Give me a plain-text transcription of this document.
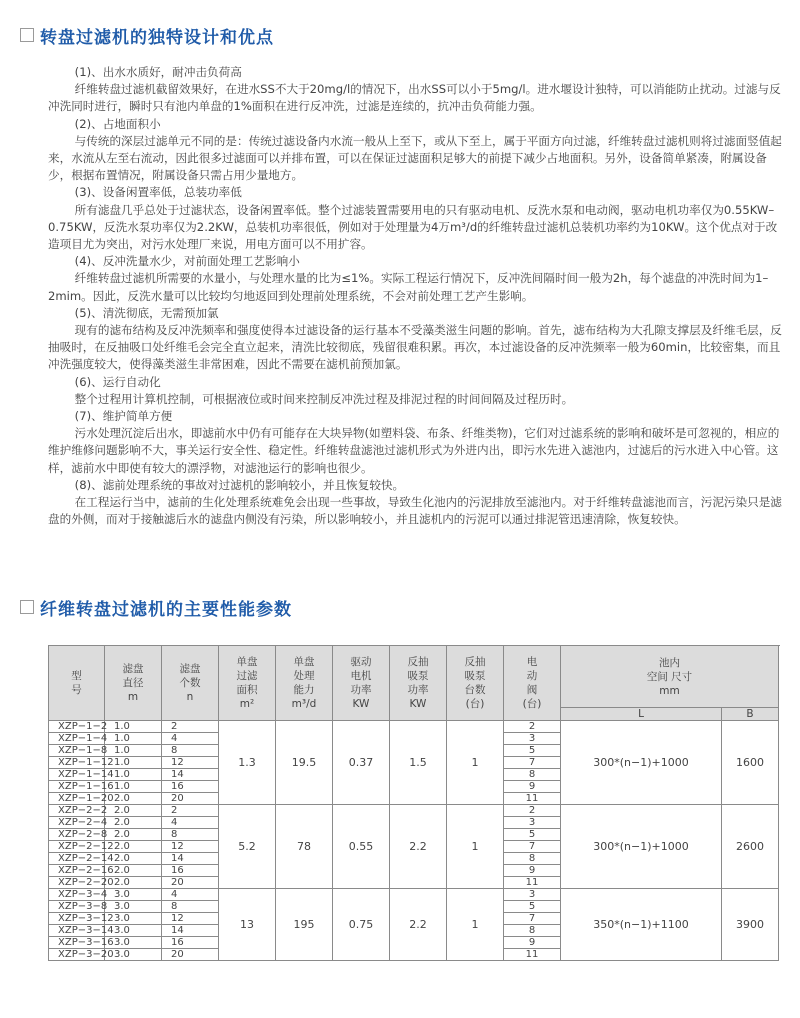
转盘过滤机的独特设计和优点

(1)、出水水质好，耐冲击负荷高

纤维转盘过滤机截留效果好，在进水SS不大于20mg/l的情况下，出水SS可以小于5mg/l。进水堰设计独特，可以消能防止扰动。过滤与反冲洗同时进行，瞬时只有池内单盘的1%面积在进行反冲洗，过滤是连续的，抗冲击负荷能力强。

(2)、占地面积小

与传统的深层过滤单元不同的是：传统过滤设备内水流一般从上至下，或从下至上，属于平面方向过滤，纤维转盘过滤机则将过滤面竖值起来，水流从左至右流动，因此很多过滤面可以并排布置，可以在保证过滤面积足够大的前提下减少占地面积。另外，设备简单紧凑，附属设备少，根据布置情况，附属设备只需占用少量地方。

(3)、设备闲置率低，总装功率低

所有滤盘几乎总处于过滤状态，设备闲置率低。整个过滤装置需要用电的只有驱动电机、反洗水泵和电动阀，驱动电机功率仅为0.55KW–0.75KW，反洗水泵功率仅为2.2KW，总装机功率很低，例如对于处理量为4万m³/d的纤维转盘过滤机总装机功率约为10KW。这个优点对于改造项目尤为突出，对污水处理厂来说，用电方面可以不用扩容。

(4)、反冲洗量水少，对前面处理工艺影响小

纤维转盘过滤机所需要的水量小，与处理水量的比为≤1%。实际工程运行情况下，反冲洗间隔时间一般为2h，每个滤盘的冲洗时间为1–2mim。因此，反洗水量可以比较均匀地返回到处理前处理系统，不会对前处理工艺产生影响。

(5)、清洗彻底，无需预加氯

现有的滤布结构及反冲洗频率和强度使得本过滤设备的运行基本不受藻类滋生问题的影响。首先，滤布结构为大孔隙支撑层及纤维毛层，反抽吸时，在反抽吸口处纤维毛会完全直立起来，清洗比较彻底，残留很难积累。再次，本过滤设备的反冲洗频率一般为60min，比较密集，而且冲洗强度较大，使得藻类滋生非常困难，因此不需要在滤机前预加氯。

(6)、运行自动化

整个过程用计算机控制，可根据液位或时间来控制反冲洗过程及排泥过程的时间间隔及过程历时。

(7)、维护简单方便

污水处理沉淀后出水，即滤前水中仍有可能存在大块异物(如塑料袋、布条、纤维类物)，它们对过滤系统的影响和破坏是可忽视的，相应的维护维修问题影响不大，事关运行安全性、稳定性。纤维转盘滤池过滤机形式为外进内出，即污水先进入滤池内，过滤后的污水进入中心管。这样，滤前水中即使有较大的漂浮物，对滤池运行的影响也很少。

(8)、滤前处理系统的事故对过滤机的影响较小，并且恢复较快。

在工程运行当中，滤前的生化处理系统难免会出现一些事故，导致生化池内的污泥排放至滤池内。对于纤维转盘滤池而言，污泥污染只是滤盘的外侧，而对于接触滤后水的滤盘内侧没有污染，所以影响较小，并且滤机内的污泥可以通过排泥管迅速清除，恢复较快。

纤维转盘过滤机的主要性能参数
型
号	滤盘
直径
m	滤盘
个数
n	单盘
过滤
面积
m²	单盘
处理
能力
m³/d	驱动
电机
功率
KW	反抽
吸泵
功率
KW	反抽
吸泵
台数
(台)	电
动
阀
(台)	池内
空间 尺寸
mm		
									L	B	
XZP−1−2	1.0	2	1.3	19.5	0.37	1.5	1	2	300*(n−1)+1000	1600	
XZP−1−4	1.0	4						3			
XZP−1−8	1.0	8						5			
XZP−1−12	1.0	12						7			
XZP−1−14	1.0	14						8			
XZP−1−16	1.0	16						9			
XZP−1−20	2.0	20						11			
XZP−2−2	2.0	2	5.2	78	0.55	2.2	1	2	300*(n−1)+1000	2600	
XZP−2−4	2.0	4						3			
XZP−2−8	2.0	8						5			
XZP−2−12	2.0	12						7			
XZP−2−14	2.0	14						8			
XZP−2−16	2.0	16						9			
XZP−2−20	2.0	20						11			
XZP−3−4	3.0	4	13	195	0.75	2.2	1	3	350*(n−1)+1100	3900	
XZP−3−8	3.0	8						5			
XZP−3−12	3.0	12						7			
XZP−3−14	3.0	14						8			
XZP−3−16	3.0	16						9			
XZP−3−20	3.0	20						11			
